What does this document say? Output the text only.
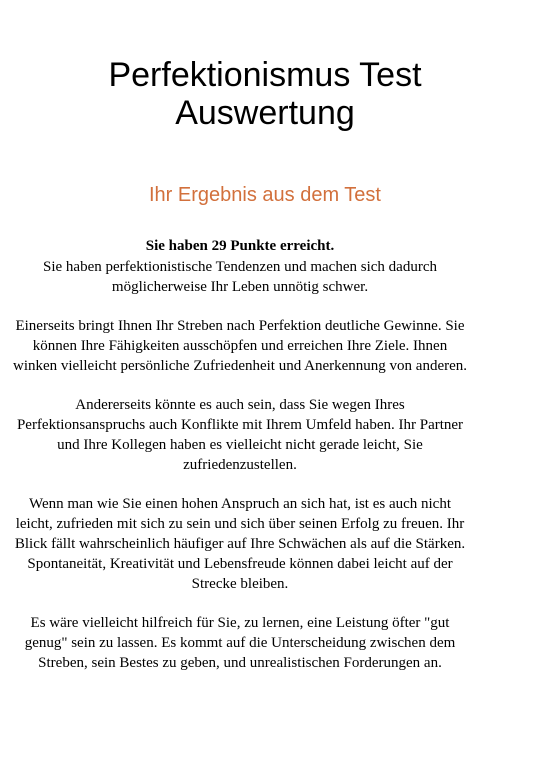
Perfektionismus Test
Auswertung
Ihr Ergebnis aus dem Test

Sie haben 29 Punkte erreicht.

Sie haben perfektionistische Tendenzen und machen sich dadurch möglicherweise Ihr Leben unnötig schwer.

Einerseits bringt Ihnen Ihr Streben nach Perfektion deutliche Gewinne. Sie können Ihre Fähigkeiten ausschöpfen und erreichen Ihre Ziele. Ihnen winken vielleicht persönliche Zufriedenheit und Anerkennung von anderen.

Andererseits könnte es auch sein, dass Sie wegen Ihres Perfektionsanspruchs auch Konflikte mit Ihrem Umfeld haben. Ihr Partner und Ihre Kollegen haben es vielleicht nicht gerade leicht, Sie zufriedenzustellen.

Wenn man wie Sie einen hohen Anspruch an sich hat, ist es auch nicht leicht, zufrieden mit sich zu sein und sich über seinen Erfolg zu freuen. Ihr Blick fällt wahrscheinlich häufiger auf Ihre Schwächen als auf die Stärken. Spontaneität, Kreativität und Lebensfreude können dabei leicht auf der Strecke bleiben.

Es wäre vielleicht hilfreich für Sie, zu lernen, eine Leistung öfter "gut genug" sein zu lassen. Es kommt auf die Unterscheidung zwischen dem Streben, sein Bestes zu geben, und unrealistischen Forderungen an.
